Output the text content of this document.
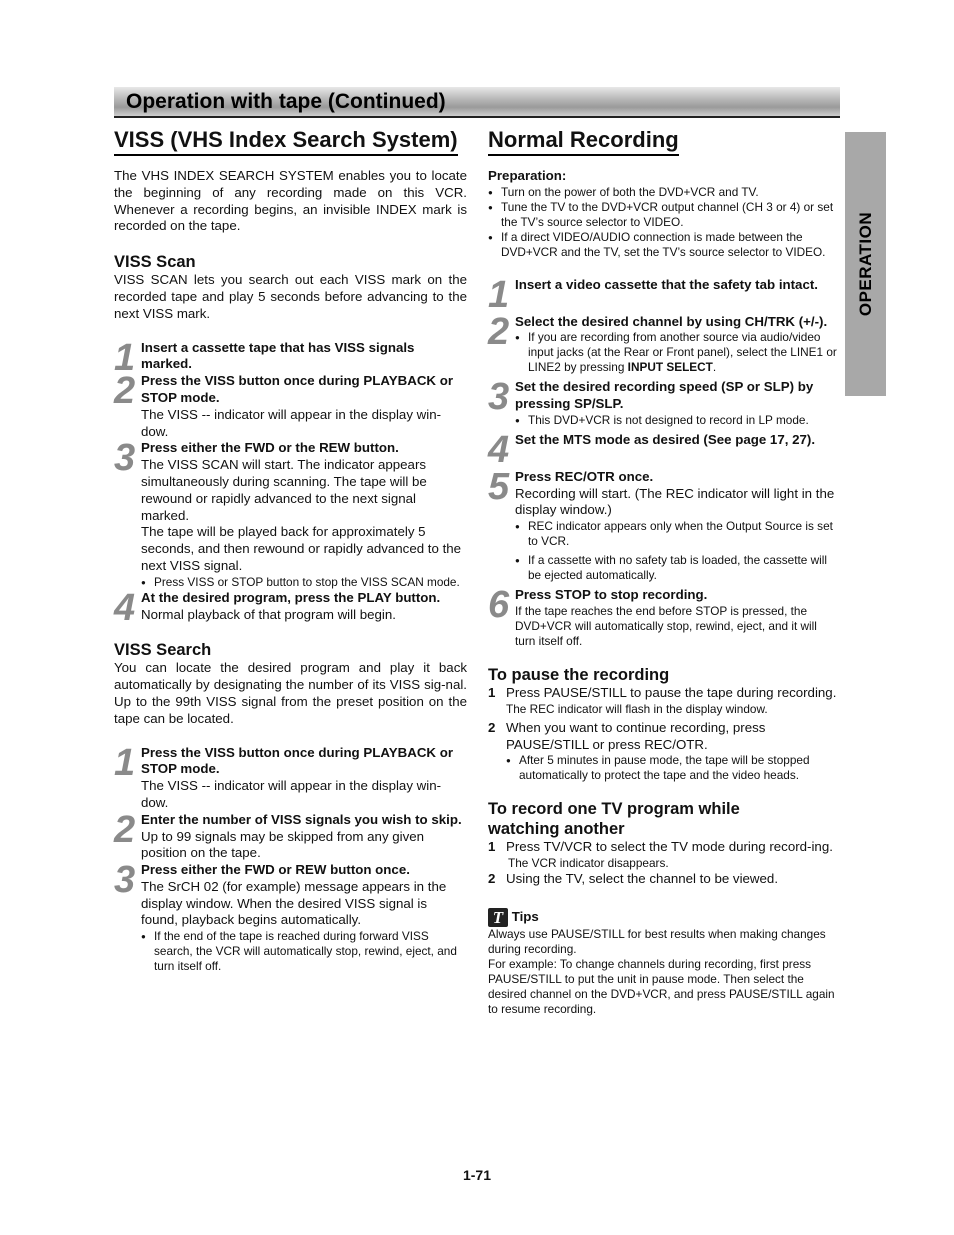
Operation with tape (Continued)
OPERATION
VISS (VHS Index Search System)

The VHS INDEX SEARCH SYSTEM enables you to locate the beginning of any recording made on this VCR. Whenever a recording begins, an invisible INDEX mark is recorded on the tape.

VISS Scan

VISS SCAN lets you search out each VISS mark on the recorded tape and play 5 seconds before advancing to the next VISS mark.

1 Insert a cassette tape that has VISS signals marked.

2 Press the VISS button once during PLAYBACK or STOP mode.

The VISS -- indicator will appear in the display win-dow.

3 Press either the FWD or the REW button.

The VISS SCAN will start. The indicator appears simultaneously during scanning. The tape will be rewound or rapidly advanced to the next signal marked.

The tape will be played back for approximately 5 seconds, and then rewound or rapidly advanced to the next VISS signal.

● Press VISS or STOP button to stop the VISS SCAN mode.

4 At the desired program, press the PLAY button.

Normal playback of that program will begin.

VISS Search

You can locate the desired program and play it back automatically by designating the number of its VISS sig-nal. Up to the 99th VISS signal from the preset position on the tape can be located.

1 Press the VISS button once during PLAYBACK or STOP mode.

The VISS -- indicator will appear in the display win-dow.

2 Enter the number of VISS signals you wish to skip.

Up to 99 signals may be skipped from any given position on the tape.

3 Press either the FWD or REW button once.

The SrCH 02 (for example) message appears in the display window. When the desired VISS signal is found, playback begins automatically.

● If the end of the tape is reached during forward VISS search, the VCR will automatically stop, rewind, eject, and turn itself off.

Normal Recording

Preparation:

● Turn on the power of both the DVD+VCR and TV.

● Tune the TV to the DVD+VCR output channel (CH 3 or 4) or set the TV’s source selector to VIDEO.

● If a direct VIDEO/AUDIO connection is made between the DVD+VCR and the TV, set the TV’s source selector to VIDEO.

1 Insert a video cassette that the safety tab intact.

2 Select the desired channel by using CH/TRK (+/-).

● If you are recording from another source via audio/video input jacks (at the Rear or Front panel), select the LINE1 or LINE2 by pressing INPUT SELECT.

3 Set the desired recording speed (SP or SLP) by pressing SP/SLP.

● This DVD+VCR is not designed to record in LP mode.

4 Set the MTS mode as desired (See page 17, 27).

5 Press REC/OTR once.

Recording will start. (The REC indicator will light in the display window.)

● REC indicator appears only when the Output Source is set to VCR.

● If a cassette with no safety tab is loaded, the cassette will be ejected automatically.

6 Press STOP to stop recording.

If the tape reaches the end before STOP is pressed, the DVD+VCR will automatically stop, rewind, eject, and it will turn itself off.

To pause the recording
1 Press PAUSE/STILL to pause the tape during recording.

The REC indicator will flash in the display window.

2 When you want to continue recording, press PAUSE/STILL or press REC/OTR.

● After 5 minutes in pause mode, the tape will be stopped automatically to protect the tape and the video heads.

To record one TV program while watching another
1 Press TV/VCR to select the TV mode during record-ing.

The VCR indicator disappears.

2 Using the TV, select the channel to be viewed.

T Tips

Always use PAUSE/STILL for best results when making changes during recording.

For example: To change channels during recording, first press PAUSE/STILL to put the unit in pause mode. Then select the desired channel on the DVD+VCR, and press PAUSE/STILL again to resume recording.

1-71
